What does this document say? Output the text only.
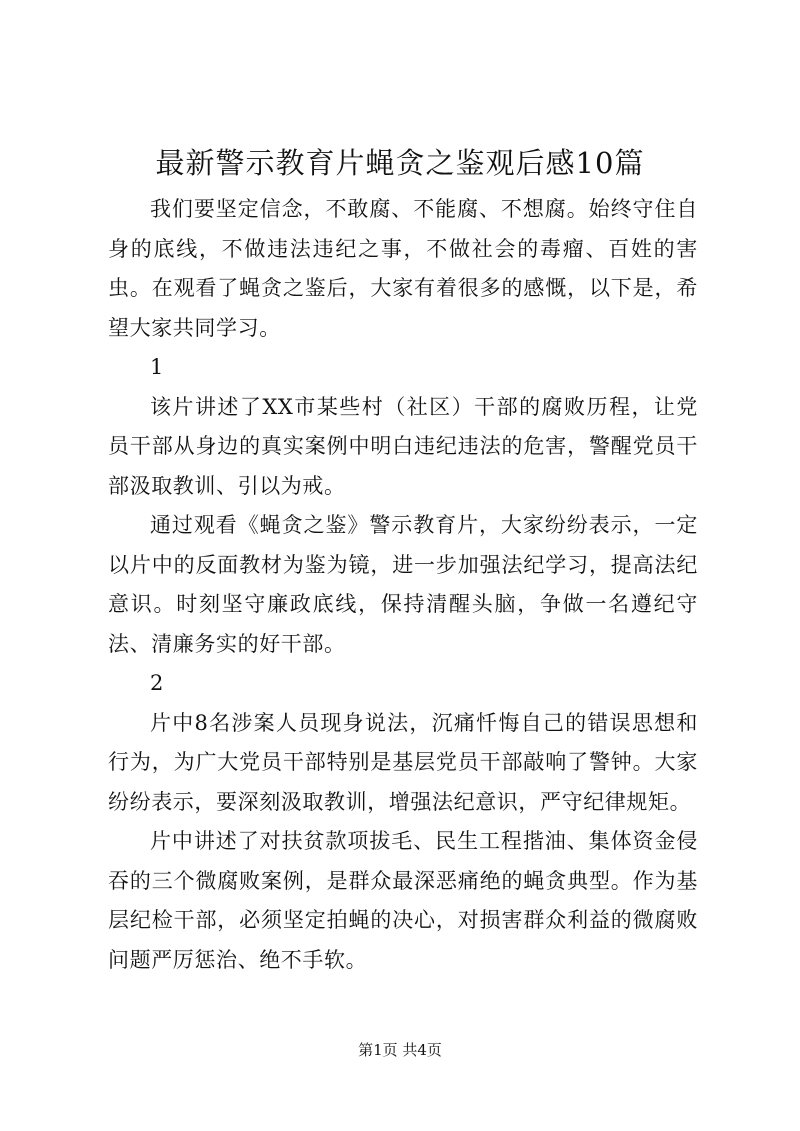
最新警示教育片蝇贪之鉴观后感10篇

我们要坚定信念，不敢腐、不能腐、不想腐。始终守住自身的底线，不做违法违纪之事，不做社会的毒瘤、百姓的害虫。在观看了蝇贪之鉴后，大家有着很多的感慨，以下是，希望大家共同学习。

1

该片讲述了XX市某些村（社区）干部的腐败历程，让党员干部从身边的真实案例中明白违纪违法的危害，警醒党员干部汲取教训、引以为戒。

通过观看《蝇贪之鉴》警示教育片，大家纷纷表示，一定以片中的反面教材为鉴为镜，进一步加强法纪学习，提高法纪意识。时刻坚守廉政底线，保持清醒头脑，争做一名遵纪守法、清廉务实的好干部。

2

片中8名涉案人员现身说法，沉痛忏悔自己的错误思想和行为，为广大党员干部特别是基层党员干部敲响了警钟。大家纷纷表示，要深刻汲取教训，增强法纪意识，严守纪律规矩。

片中讲述了对扶贫款项拔毛、民生工程揩油、集体资金侵吞的三个微腐败案例，是群众最深恶痛绝的蝇贪典型。作为基层纪检干部，必须坚定拍蝇的决心，对损害群众利益的微腐败问题严厉惩治、绝不手软。

第1页 共4页
